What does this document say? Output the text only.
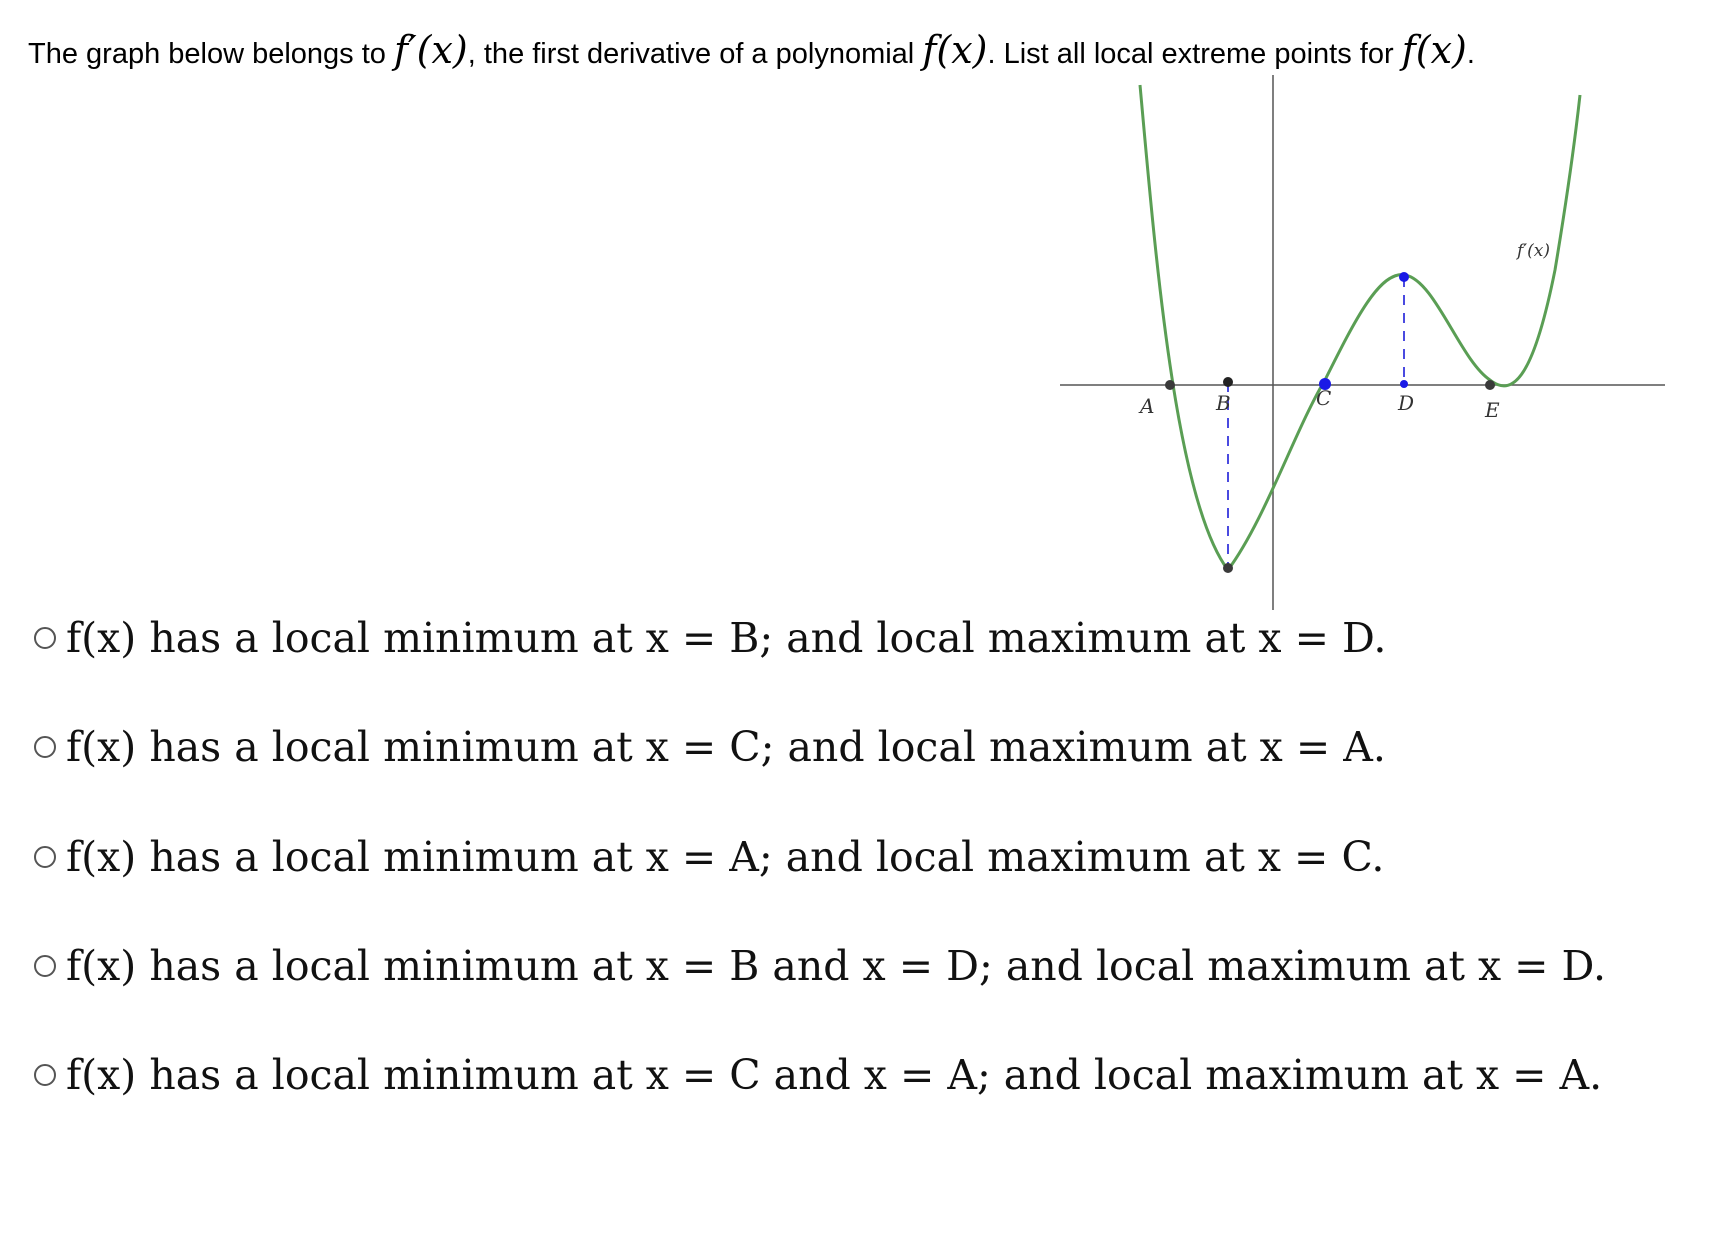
The graph below belongs to f′(x), the first derivative of a polynomial f(x). List all local extreme points for f(x).
A	B	C	D	E
f′(x)
f(x) has a local minimum at x = B; and local maximum at x = D.
f(x) has a local minimum at x = C; and local maximum at x = A.
f(x) has a local minimum at x = A; and local maximum at x = C.
f(x) has a local minimum at x = B and x = D; and local maximum at x = D.
f(x) has a local minimum at x = C and x = A; and local maximum at x = A.
